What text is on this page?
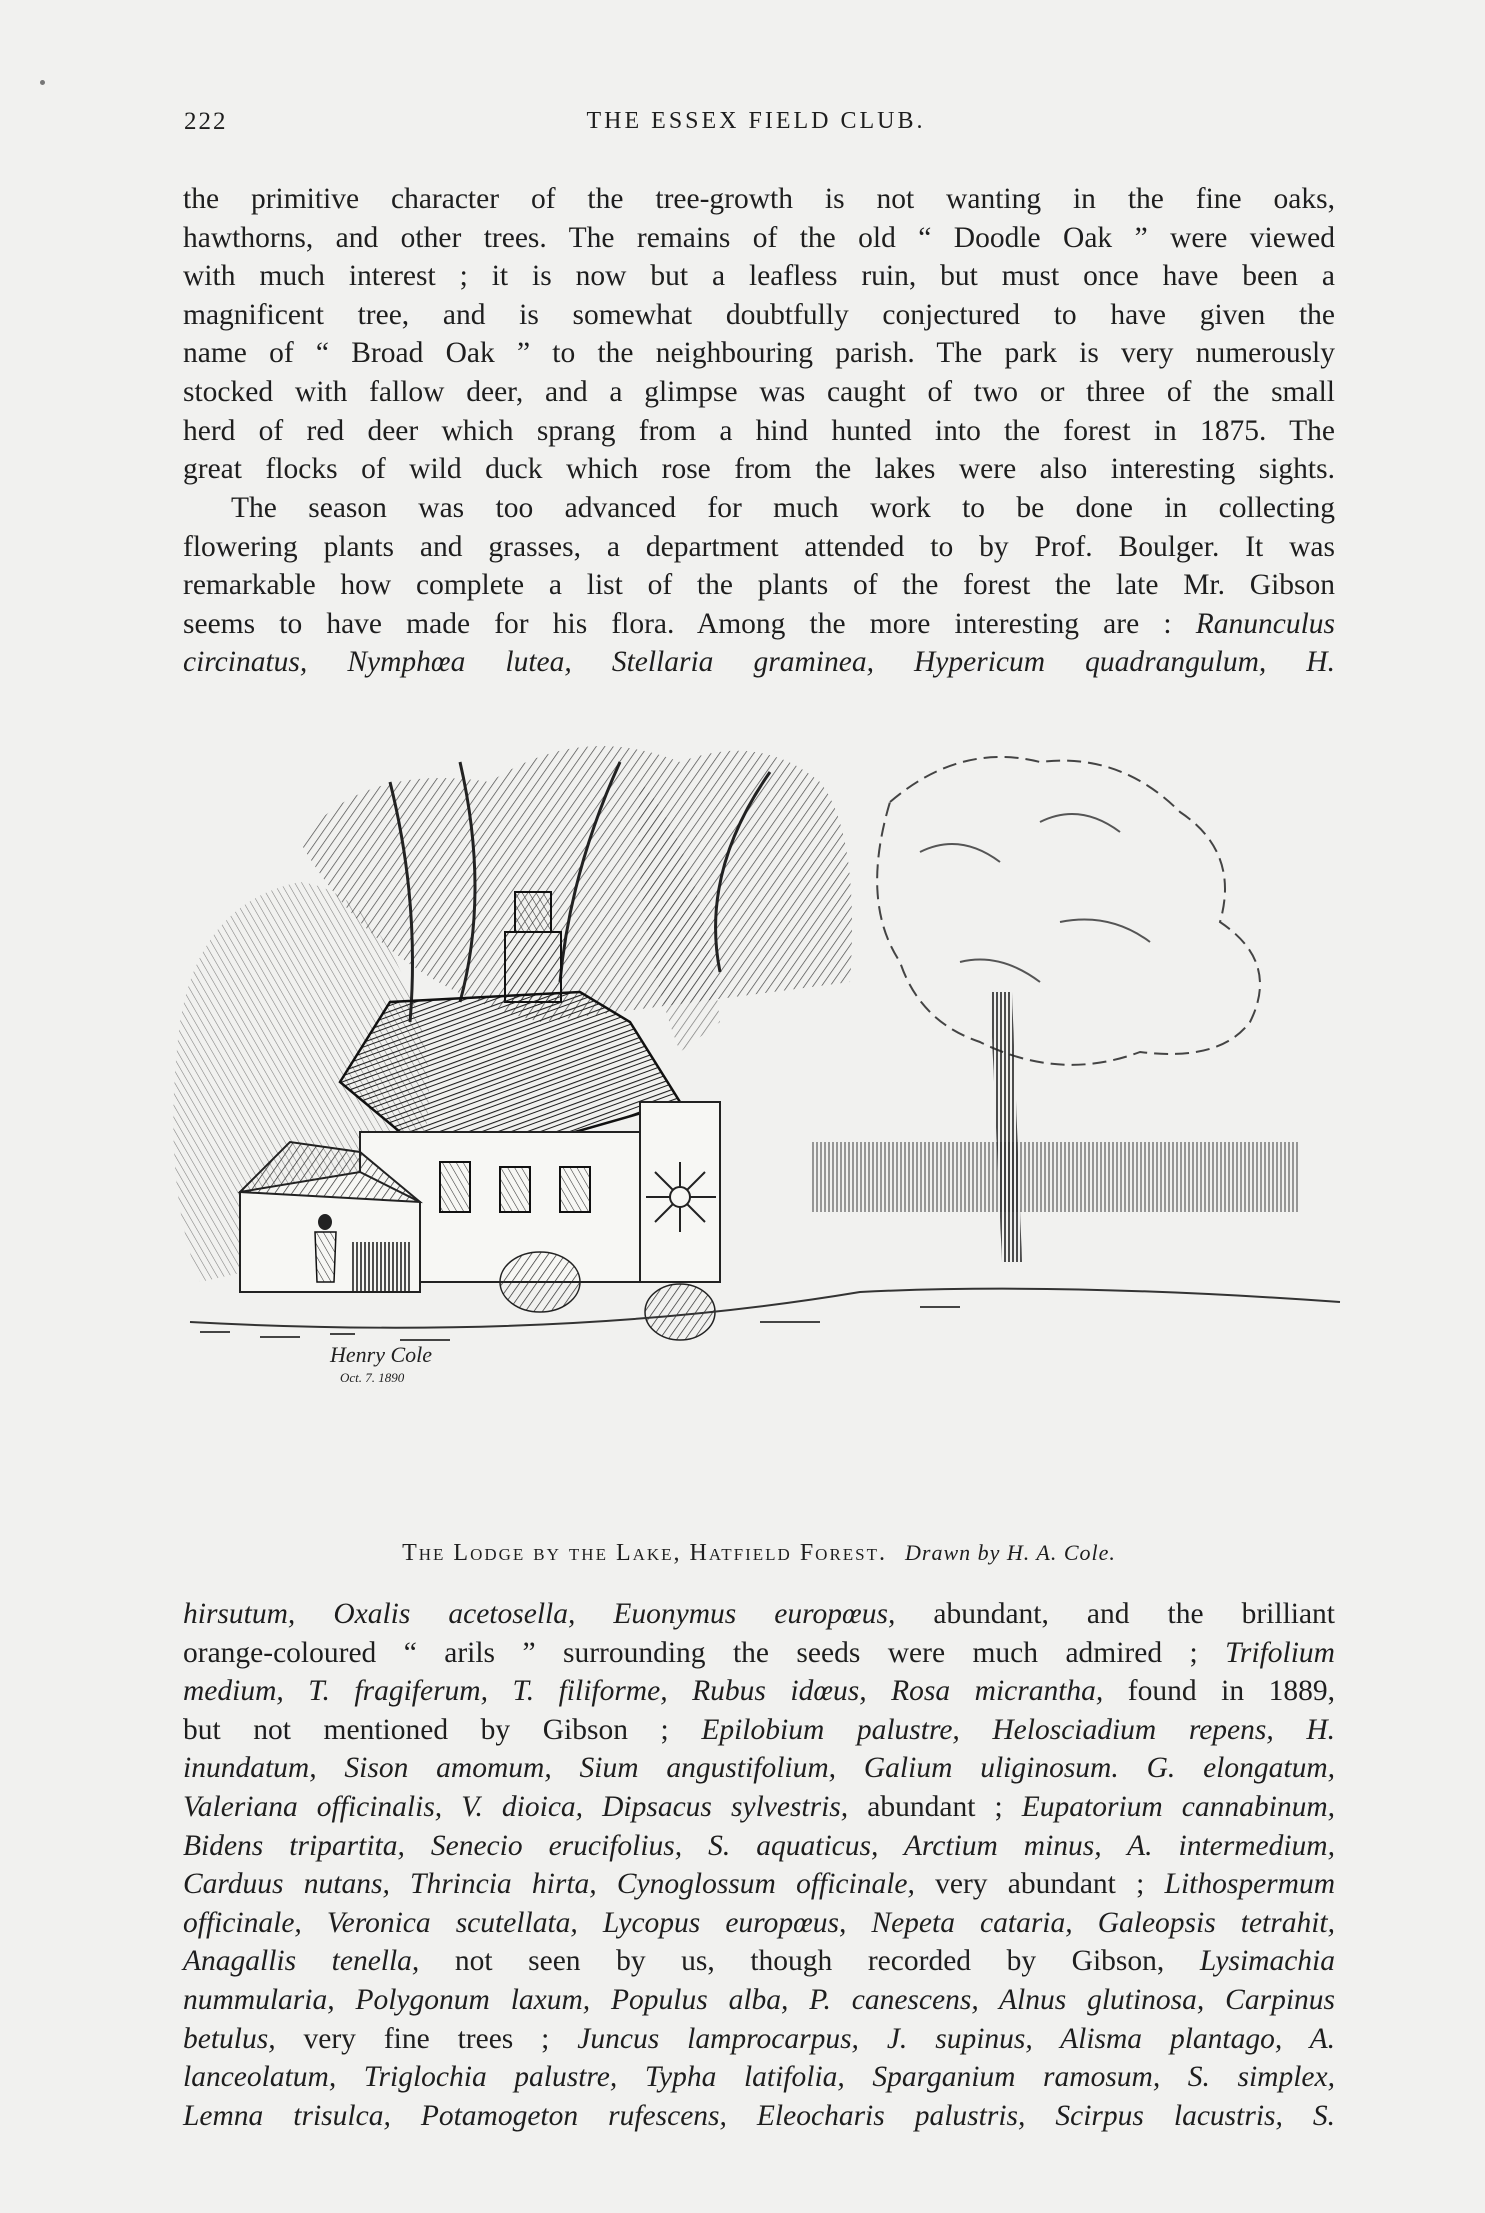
222	THE ESSEX FIELD CLUB.
the primitive character of the tree-growth is not wanting in the fine oaks,
hawthorns, and other trees. The remains of the old “ Doodle Oak ” were viewed
with much interest ; it is now but a leafless ruin, but must once have been a
magnificent tree, and is somewhat doubtfully conjectured to have given the
name of “ Broad Oak ” to the neighbouring parish. The park is very numerously
stocked with fallow deer, and a glimpse was caught of two or three of the small
herd of red deer which sprang from a hind hunted into the forest in 1875. The
great flocks of wild duck which rose from the lakes were also interesting sights.
The season was too advanced for much work to be done in collecting
flowering plants and grasses, a department attended to by Prof. Boulger. It was
remarkable how complete a list of the plants of the forest the late Mr. Gibson
seems to have made for his flora. Among the more interesting are : Ranunculus
circinatus, Nymphœa lutea, Stellaria graminea, Hypericum quadrangulum, H.
Henry Cole
Oct. 7. 1890
The Lodge by the Lake, Hatfield Forest. Drawn by H. A. Cole.
hirsutum, Oxalis acetosella, Euonymus europœus, abundant, and the brilliant
orange-coloured “ arils ” surrounding the seeds were much admired ; Trifolium
medium, T. fragiferum, T. filiforme, Rubus idœus, Rosa micrantha, found in 1889,
but not mentioned by Gibson ; Epilobium palustre, Helosciadium repens, H.
inundatum, Sison amomum, Sium angustifolium, Galium uliginosum. G. elongatum,
Valeriana officinalis, V. dioica, Dipsacus sylvestris, abundant ; Eupatorium cannabinum,
Bidens tripartita, Senecio erucifolius, S. aquaticus, Arctium minus, A. intermedium,
Carduus nutans, Thrincia hirta, Cynoglossum officinale, very abundant ; Lithospermum
officinale, Veronica scutellata, Lycopus europœus, Nepeta cataria, Galeopsis tetrahit,
Anagallis tenella, not seen by us, though recorded by Gibson, Lysimachia
nummularia, Polygonum laxum, Populus alba, P. canescens, Alnus glutinosa, Carpinus
betulus, very fine trees ; Juncus lamprocarpus, J. supinus, Alisma plantago, A.
lanceolatum, Triglochia palustre, Typha latifolia, Sparganium ramosum, S. simplex,
Lemna trisulca, Potamogeton rufescens, Eleocharis palustris, Scirpus lacustris, S.
